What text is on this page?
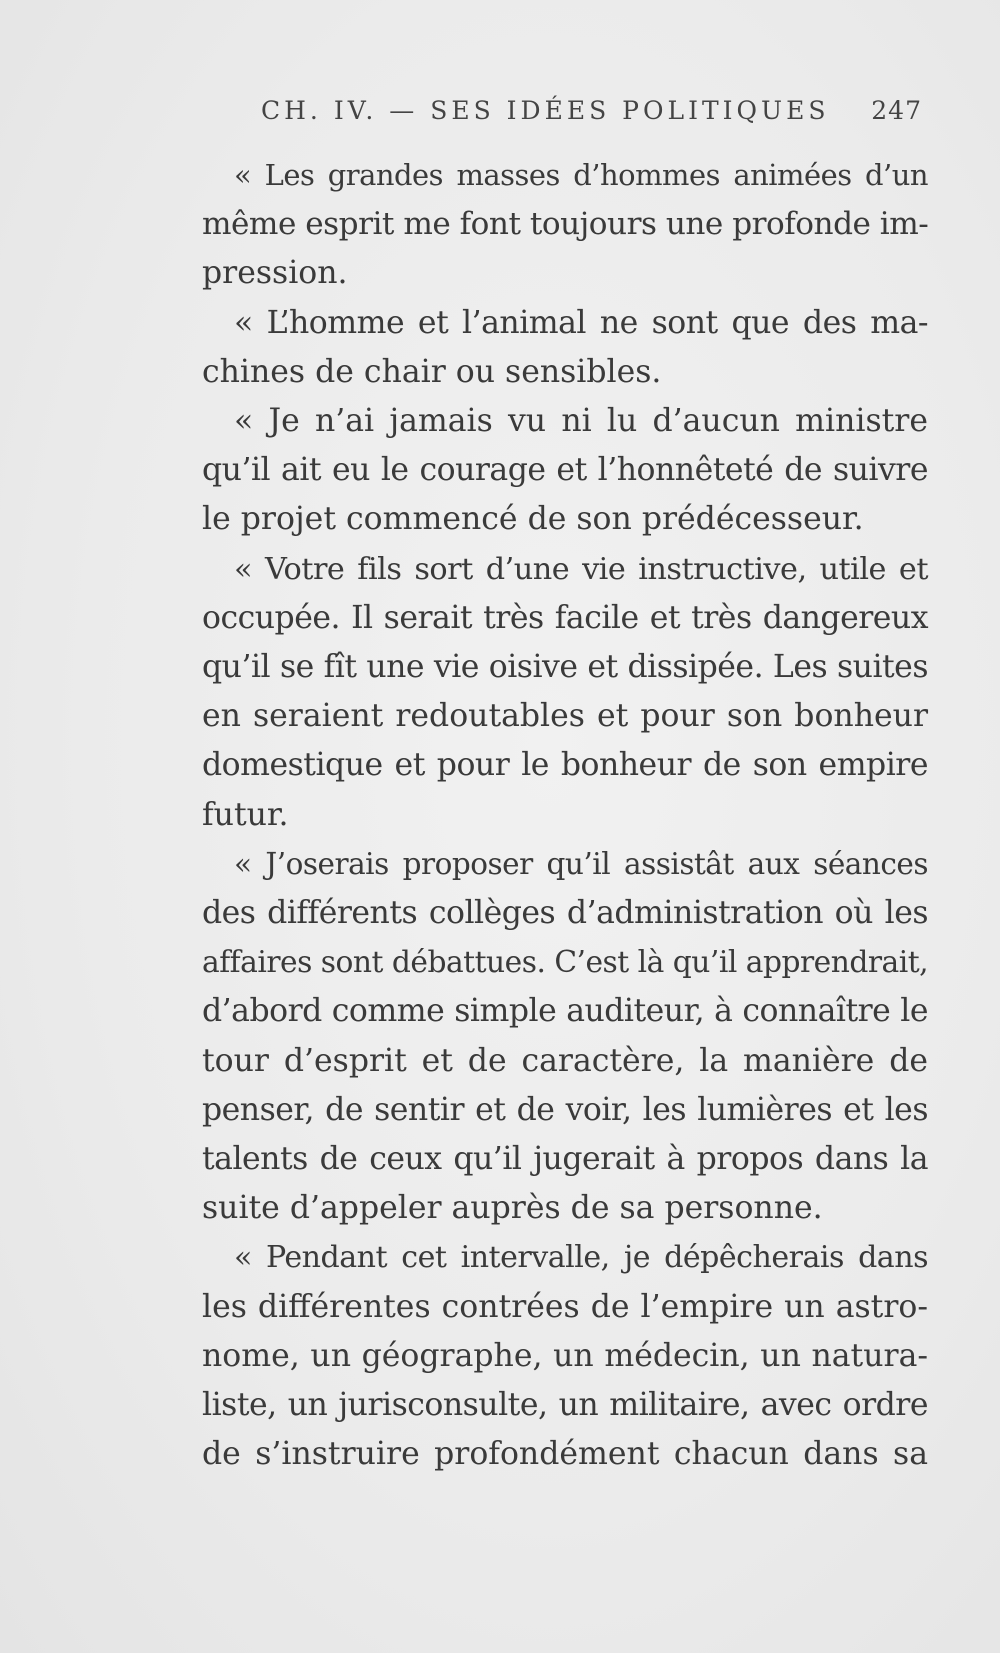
CH. IV. — SES IDÉES POLITIQUES 247
« Les grandes masses d’hommes animées d’un
même esprit me font toujours une profonde im-
pression.
« L’homme et l’animal ne sont que des ma-
chines de chair ou sensibles.
« Je n’ai jamais vu ni lu d’aucun ministre
qu’il ait eu le courage et l’honnêteté de suivre
le projet commencé de son prédécesseur.
« Votre fils sort d’une vie instructive, utile et
occupée. Il serait très facile et très dangereux
qu’il se fît une vie oisive et dissipée. Les suites
en seraient redoutables et pour son bonheur
domestique et pour le bonheur de son empire
futur.
« J’oserais proposer qu’il assistât aux séances
des différents collèges d’administration où les
affaires sont débattues. C’est là qu’il apprendrait,
d’abord comme simple auditeur, à connaître le
tour d’esprit et de caractère, la manière de
penser, de sentir et de voir, les lumières et les
talents de ceux qu’il jugerait à propos dans la
suite d’appeler auprès de sa personne.
« Pendant cet intervalle, je dépêcherais dans
les différentes contrées de l’empire un astro-
nome, un géographe, un médecin, un natura-
liste, un jurisconsulte, un militaire, avec ordre
de s’instruire profondément chacun dans sa
